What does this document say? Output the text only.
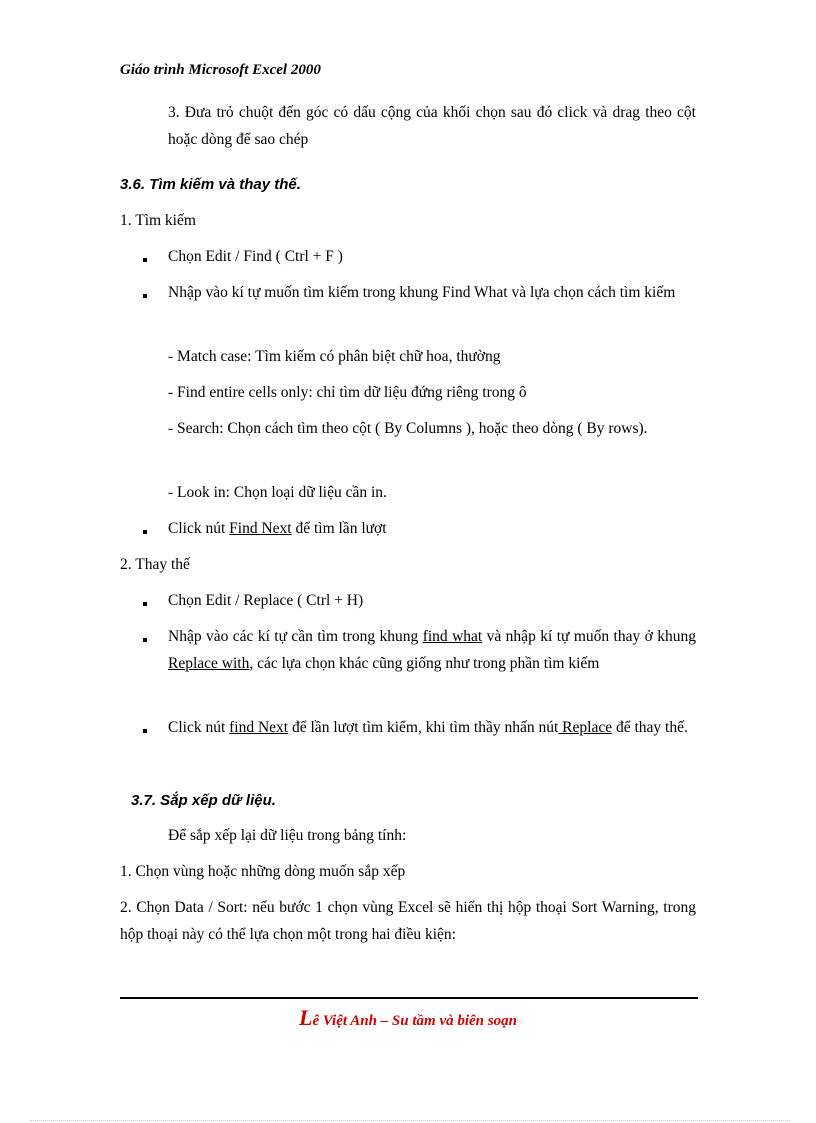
Giáo trình Microsoft Excel 2000
3. Đưa trỏ chuột đến góc có dấu cộng của khối chọn sau đó click và drag theo cột hoặc dòng để sao chép
3.6. Tìm kiếm và thay thế.
1. Tìm kiếm
Chọn Edit / Find ( Ctrl + F )
Nhập vào kí tự muốn tìm kiếm trong khung Find What và lựa chọn cách tìm kiếm
- Match case: Tìm kiếm có phân biệt chữ hoa, thường
- Find entire cells only: chỉ tìm dữ liệu đứng riêng trong ô
- Search: Chọn cách tìm theo cột ( By Columns ), hoặc theo dòng ( By rows).
- Look in: Chọn loại dữ liệu cần in.
Click nút Find Next để tìm lần lượt
2. Thay thế
Chọn Edit / Replace ( Ctrl + H)
Nhập vào các kí tự cần tìm trong khung find what và nhập kí tự muốn thay ở khung Replace with, các lựa chọn khác cũng giống như trong phần tìm kiếm
Click nút find Next để lần lượt tìm kiểm, khi tìm thầy nhấn nút Replace để thay thế.
3.7. Sắp xếp dữ liệu.
Để sắp xếp lại dữ liệu trong bảng tính:
1. Chọn vùng hoặc những dòng muốn sắp xếp
2. Chọn Data / Sort: nếu bước 1 chọn vùng Excel sẽ hiển thị hộp thoại Sort Warning, trong hộp thoại này có thể lựa chọn một trong hai điều kiện:
Lê Việt Anh – Su tầm và biên soạn
